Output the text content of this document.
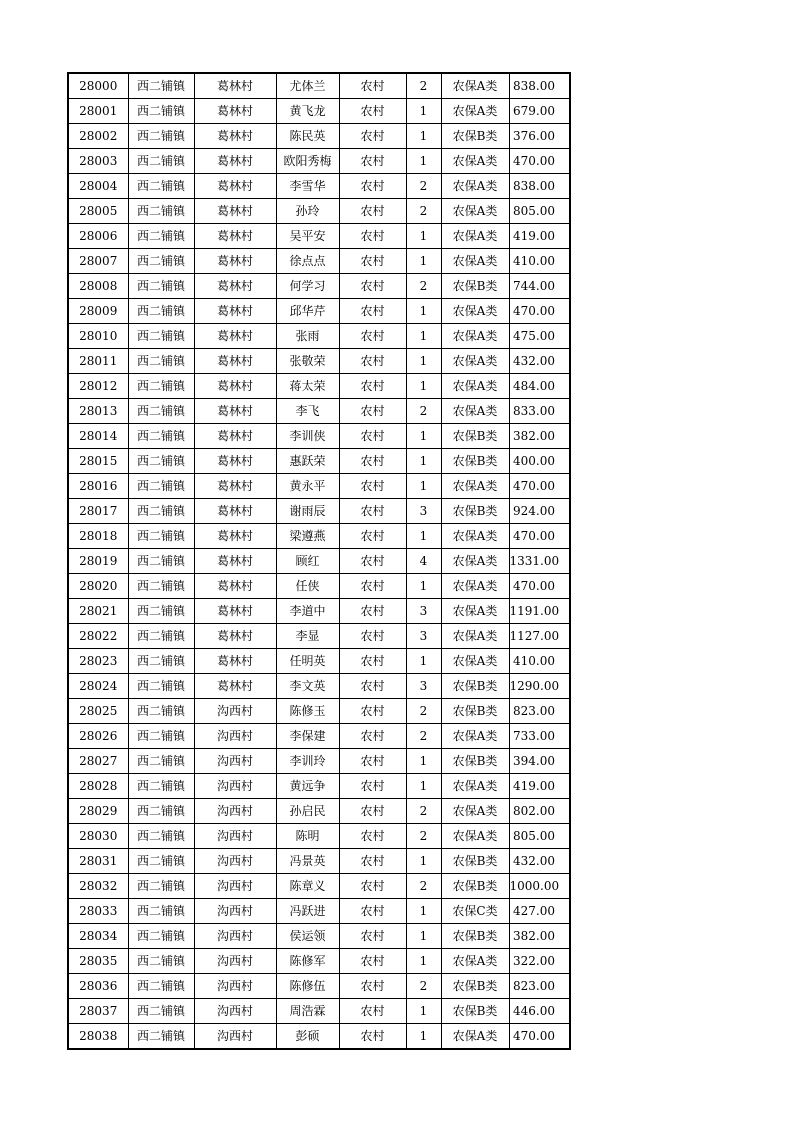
28000	西二铺镇	葛林村	尤体兰	农村	2	农保A类	838.00
28001	西二铺镇	葛林村	黄飞龙	农村	1	农保A类	679.00
28002	西二铺镇	葛林村	陈民英	农村	1	农保B类	376.00
28003	西二铺镇	葛林村	欧阳秀梅	农村	1	农保A类	470.00
28004	西二铺镇	葛林村	李雪华	农村	2	农保A类	838.00
28005	西二铺镇	葛林村	孙玲	农村	2	农保A类	805.00
28006	西二铺镇	葛林村	吴平安	农村	1	农保A类	419.00
28007	西二铺镇	葛林村	徐点点	农村	1	农保A类	410.00
28008	西二铺镇	葛林村	何学习	农村	2	农保B类	744.00
28009	西二铺镇	葛林村	邱华芹	农村	1	农保A类	470.00
28010	西二铺镇	葛林村	张雨	农村	1	农保A类	475.00
28011	西二铺镇	葛林村	张敬荣	农村	1	农保A类	432.00
28012	西二铺镇	葛林村	蒋太荣	农村	1	农保A类	484.00
28013	西二铺镇	葛林村	李飞	农村	2	农保A类	833.00
28014	西二铺镇	葛林村	李训侠	农村	1	农保B类	382.00
28015	西二铺镇	葛林村	惠跃荣	农村	1	农保B类	400.00
28016	西二铺镇	葛林村	黄永平	农村	1	农保A类	470.00
28017	西二铺镇	葛林村	谢雨辰	农村	3	农保B类	924.00
28018	西二铺镇	葛林村	梁遵燕	农村	1	农保A类	470.00
28019	西二铺镇	葛林村	顾红	农村	4	农保A类	1331.00
28020	西二铺镇	葛林村	任侠	农村	1	农保A类	470.00
28021	西二铺镇	葛林村	李道中	农村	3	农保A类	1191.00
28022	西二铺镇	葛林村	李显	农村	3	农保A类	1127.00
28023	西二铺镇	葛林村	任明英	农村	1	农保A类	410.00
28024	西二铺镇	葛林村	李文英	农村	3	农保B类	1290.00
28025	西二铺镇	沟西村	陈修玉	农村	2	农保B类	823.00
28026	西二铺镇	沟西村	李保建	农村	2	农保A类	733.00
28027	西二铺镇	沟西村	李训玲	农村	1	农保B类	394.00
28028	西二铺镇	沟西村	黄远争	农村	1	农保A类	419.00
28029	西二铺镇	沟西村	孙启民	农村	2	农保A类	802.00
28030	西二铺镇	沟西村	陈明	农村	2	农保A类	805.00
28031	西二铺镇	沟西村	冯景英	农村	1	农保B类	432.00
28032	西二铺镇	沟西村	陈章义	农村	2	农保B类	1000.00
28033	西二铺镇	沟西村	冯跃进	农村	1	农保C类	427.00
28034	西二铺镇	沟西村	侯运领	农村	1	农保B类	382.00
28035	西二铺镇	沟西村	陈修军	农村	1	农保A类	322.00
28036	西二铺镇	沟西村	陈修伍	农村	2	农保B类	823.00
28037	西二铺镇	沟西村	周浩霖	农村	1	农保B类	446.00
28038	西二铺镇	沟西村	彭硕	农村	1	农保A类	470.00
